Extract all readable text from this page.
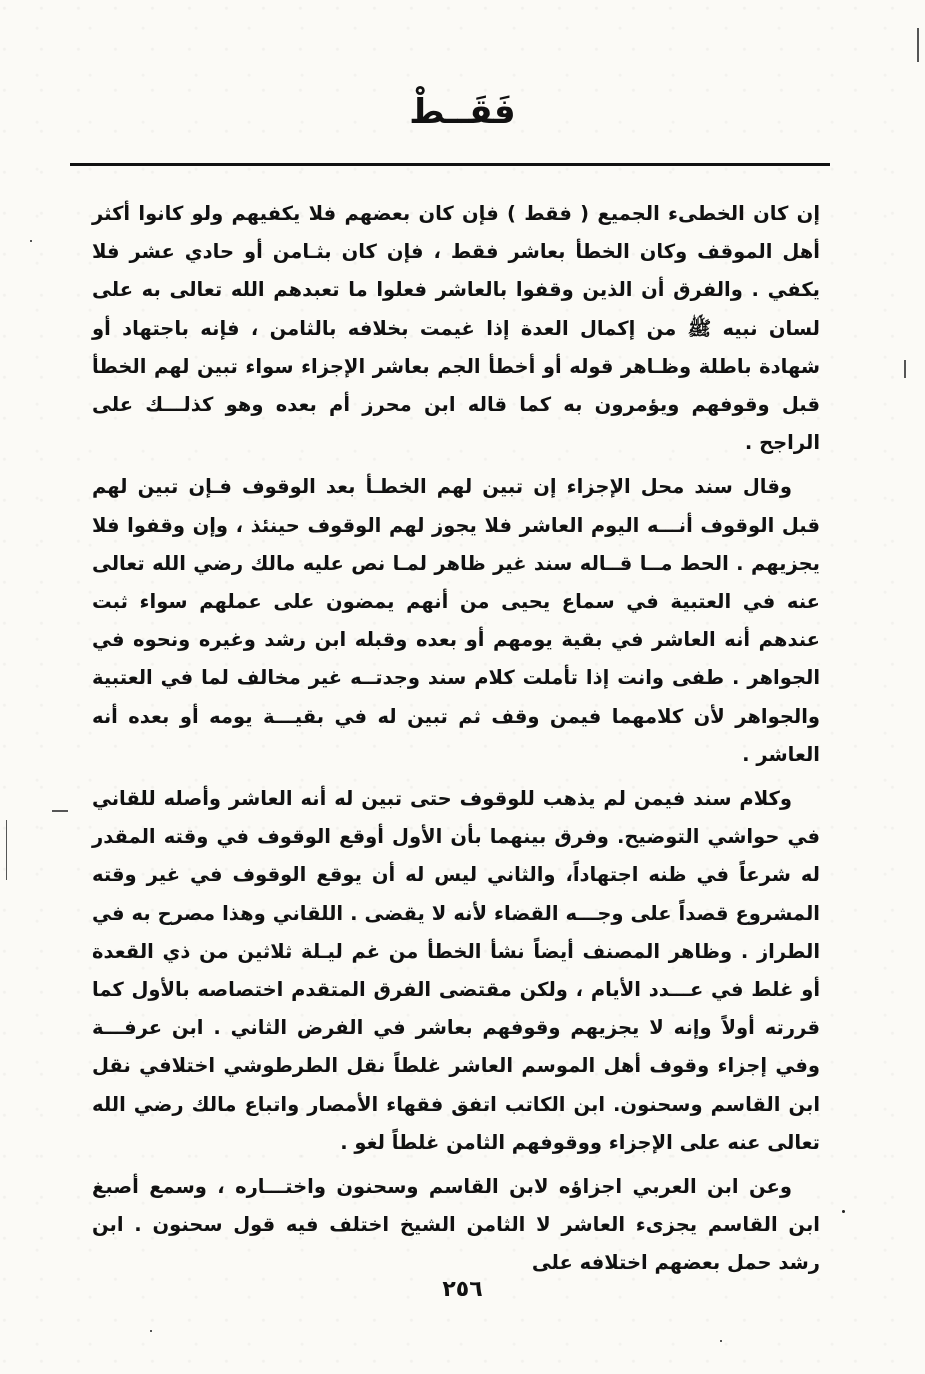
فَقَــطْ

إن كان الخطىء الجميع ( فقط ) فإن كان بعضهم فلا يكفيهم ولو كانوا أكثر أهل الموقف وكان الخطأ بعاشر فقط ، فإن كان بثـامن أو حادي عشر فلا يكفي . والفرق أن الذين وقفوا بالعاشر فعلوا ما تعبدهم الله تعالى به على لسان نبيه ﷺ من إكمال العدة إذا غيمت بخلافه بالثامن ، فإنه باجتهاد أو شهادة باطلة وظـاهر قوله أو أخطأ الجم بعاشر الإجزاء سواء تبين لهم الخطأ قبل وقوفهم ويؤمرون به كما قاله ابن محرز أم بعده وهو كذلـــك على الراجح .

وقال سند محل الإجزاء إن تبين لهم الخطـأ بعد الوقوف فـإن تبين لهم قبل الوقوف أنـــه اليوم العاشر فلا يجوز لهم الوقوف حينئذ ، وإن وقفوا فلا يجزيهم . الحط مــا قــاله سند غير ظاهر لمـا نص عليه مالك رضي الله تعالى عنه في العتبية في سماع يحيى من أنهم يمضون على عملهم سواء ثبت عندهم أنه العاشر في بقية يومهم أو بعده وقبله ابن رشد وغيره ونحوه في الجواهر . طفى وانت إذا تأملت كلام سند وجدتــه غير مخالف لما في العتبية والجواهر لأن كلامهما فيمن وقف ثم تبين له في بقيـــة يومه أو بعده أنه العاشر .

وكلام سند فيمن لم يذهب للوقوف حتى تبين له أنه العاشر وأصله للقاني في حواشي التوضيح. وفرق بينهما بأن الأول أوقع الوقوف في وقته المقدر له شرعاً في ظنه اجتهاداً، والثاني ليس له أن يوقع الوقوف في غير وقته المشروع قصداً على وجـــه القضاء لأنه لا يقضى . اللقاني وهذا مصرح به في الطراز . وظاهر المصنف أيضاً نشأ الخطأ من غم ليـلة ثلاثين من ذي القعدة أو غلط في عـــدد الأيام ، ولكن مقتضى الفرق المتقدم اختصاصه بالأول كما قررته أولاً وإنه لا يجزيهم وقوفهم بعاشر في الفرض الثاني . ابن عرفـــة وفي إجزاء وقوف أهل الموسم العاشر غلطاً نقل الطرطوشي اختلافي نقل ابن القاسم وسحنون. ابن الكاتب اتفق فقهاء الأمصار واتباع مالك رضي الله تعالى عنه على الإجزاء ووقوفهم الثامن غلطاً لغو .

وعن ابن العربي اجزاؤه لابن القاسم وسحنون واختـــاره ، وسمع أصبغ ابن القاسم يجزىء العاشر لا الثامن الشيخ اختلف فيه قول سحنون . ابن رشد حمل بعضهم اختلافه على

٢٥٦
